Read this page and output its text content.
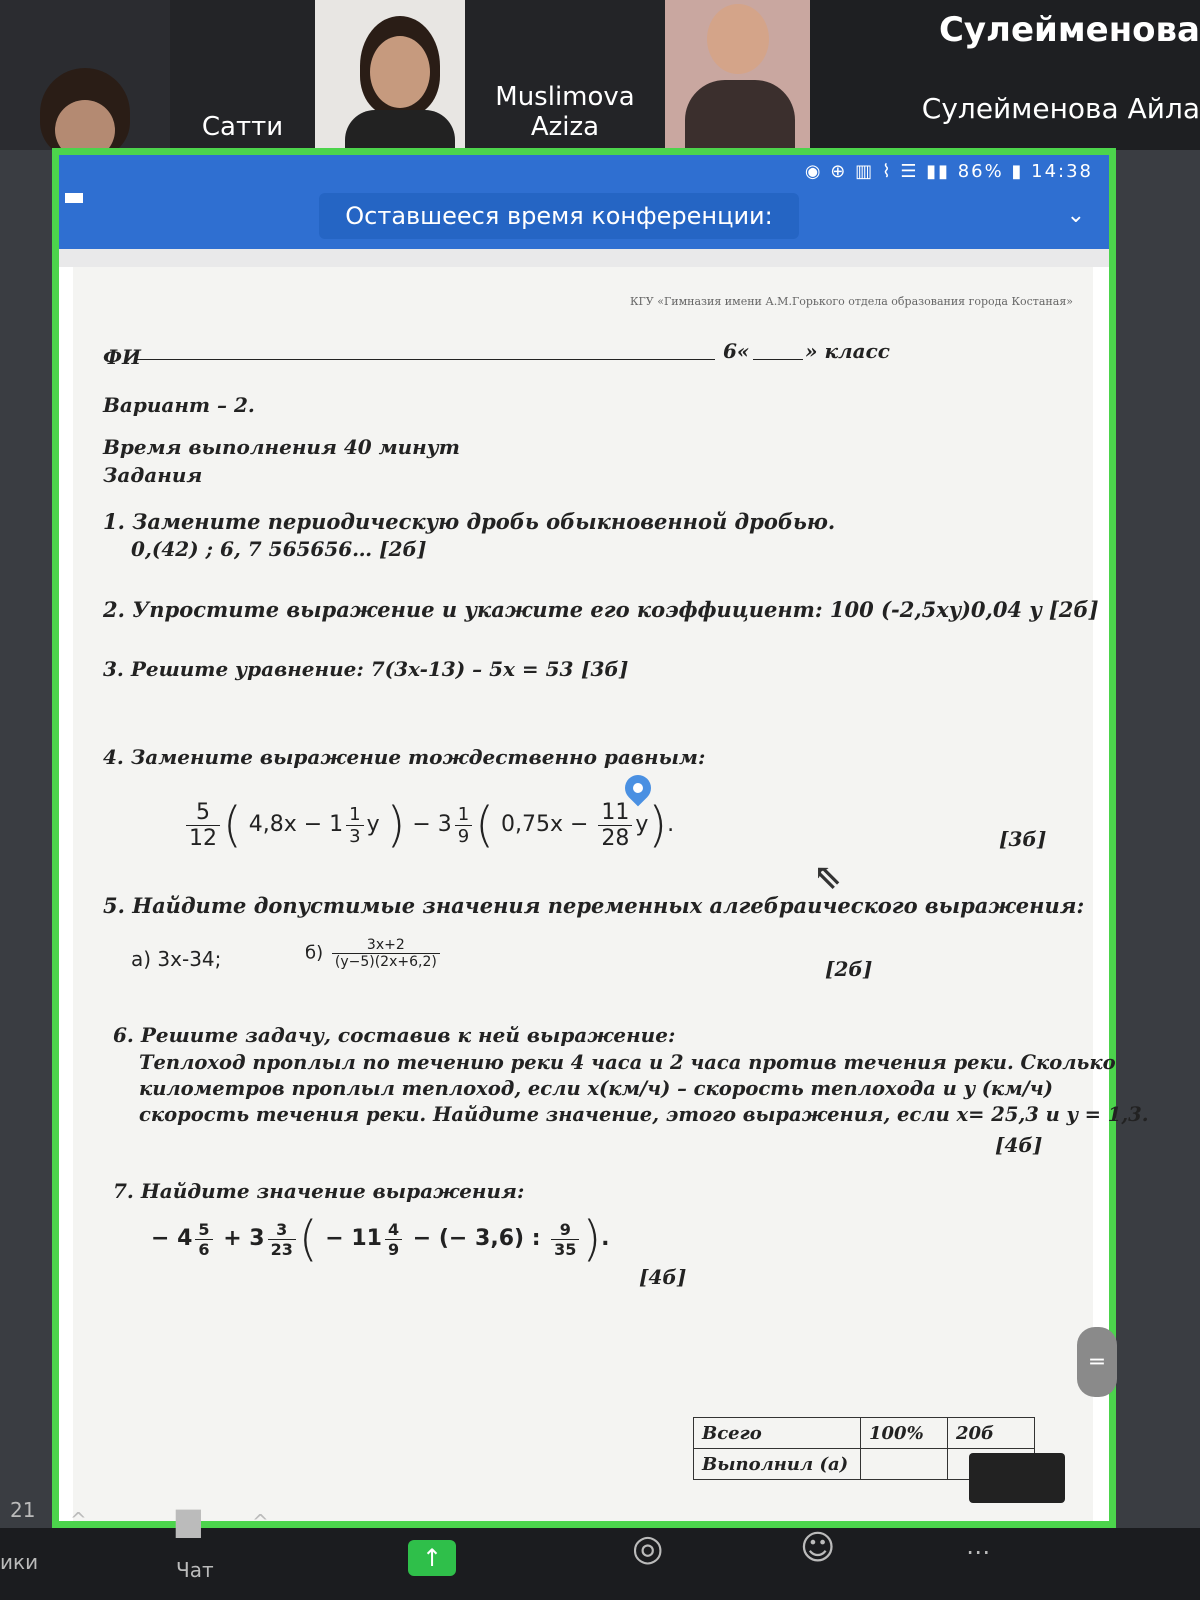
Сатти
Muslimova Aziza
Сулейменова
Сулейменова Айла
◉ ⊕ ▥ ⌇ ☰ ▮▮ 86% ▮ 14:38
Оставшееся время конференции:	⌄
КГУ «Гимназия имени А.М.Горького отдела образования города Костаная»
ФИ	6«	» класс
Вариант – 2.
Время выполнения 40 минут
Задания
1. Замените периодическую дробь обыкновенной дробью.
0,(42) ; 6, 7 565656… [2б]
2. Упростите выражение и укажите его коэффициент: 100 (-2,5xy)0,04 y [2б]
3. Решите уравнение: 7(3x-13) – 5x = 53 [3б]
4. Замените выражение тождественно равным:
$\frac{5}{12}$ ( $4,8x - 1 \frac{1}{3}$ y ) − $3 \frac{1}{9}$ ( $0,75x - \frac{11}{28} y$).
[3б]
⇖
5. Найдите допустимые значения переменных алгебраического выражения:
а) 3x-34;	$б) \frac{3x+2}{(y-5)(2x+6,2)}$	[2б]
6. Решите задачу, составив к ней выражение:
Теплоход проплыл по течению реки 4 часа и 2 часа против течения реки. Сколько
километров проплыл теплоход, если x(км/ч) – скорость теплохода и y (км/ч)
скорость течения реки. Найдите значение, этого выражения, если x= 25,3 и y = 1,3.
[4б]
7. Найдите значение выражения:
− $4 \frac{5}{6} + 3 \frac{3}{23}$ ( − $11 \frac{4}{9}$ − (− 3,6) : $\frac{9}{35}$ ).
[4б]
Всего	100%	20б
Выполнил (а)		
═
21
ики
^	▆
Чат
^
◎	☺	⋯
↑
